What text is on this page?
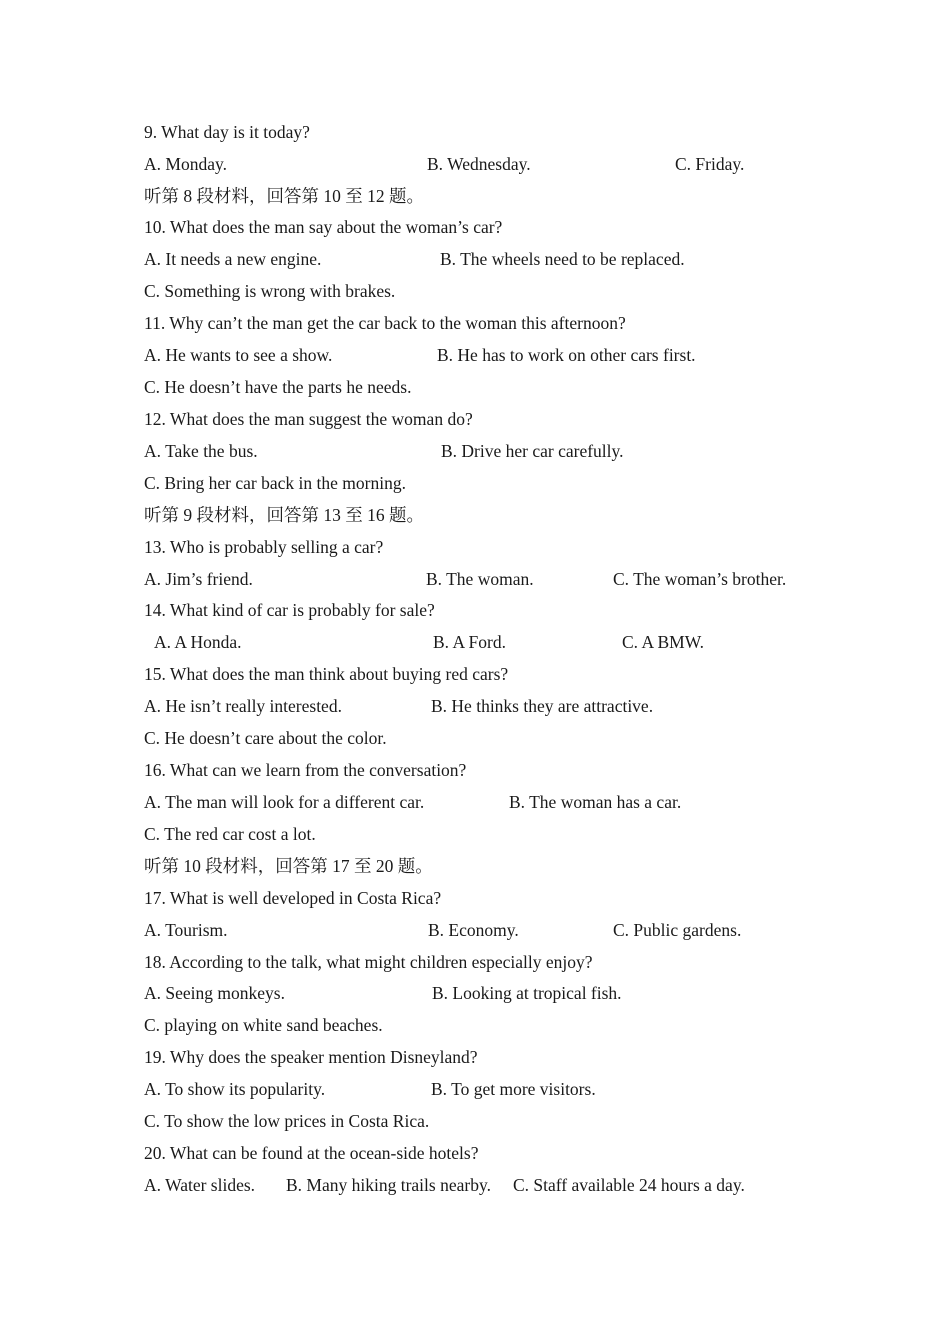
9. What day is it today?
A. Monday.	B. Wednesday.	C. Friday.
听第 8 段材料，回答第 10 至 12 题。
10. What does the man say about the woman’s car?
A. It needs a new engine.	B. The wheels need to be replaced.
C. Something is wrong with brakes.
11. Why can’t the man get the car back to the woman this afternoon?
A. He wants to see a show.	B. He has to work on other cars first.
C. He doesn’t have the parts he needs.
12. What does the man suggest the woman do?
A. Take the bus.	B. Drive her car carefully.
C. Bring her car back in the morning.
听第 9 段材料，回答第 13 至 16 题。
13. Who is probably selling a car?
A. Jim’s friend.	B. The woman.	C. The woman’s brother.
14. What kind of car is probably for sale?
A. A Honda.	B. A Ford.	C. A BMW.
15. What does the man think about buying red cars?
A. He isn’t really interested.	B. He thinks they are attractive.
C. He doesn’t care about the color.
16. What can we learn from the conversation?
A. The man will look for a different car.	B. The woman has a car.
C. The red car cost a lot.
听第 10 段材料，回答第 17 至 20 题。
17. What is well developed in Costa Rica?
A. Tourism.	B. Economy.	C. Public gardens.
18. According to the talk, what might children especially enjoy?
A. Seeing monkeys.	B. Looking at tropical fish.
C. playing on white sand beaches.
19. Why does the speaker mention Disneyland?
A. To show its popularity.	B. To get more visitors.
C. To show the low prices in Costa Rica.
20. What can be found at the ocean-side hotels?
A. Water slides. B. Many hiking trails nearby. C. Staff available 24 hours a day.
